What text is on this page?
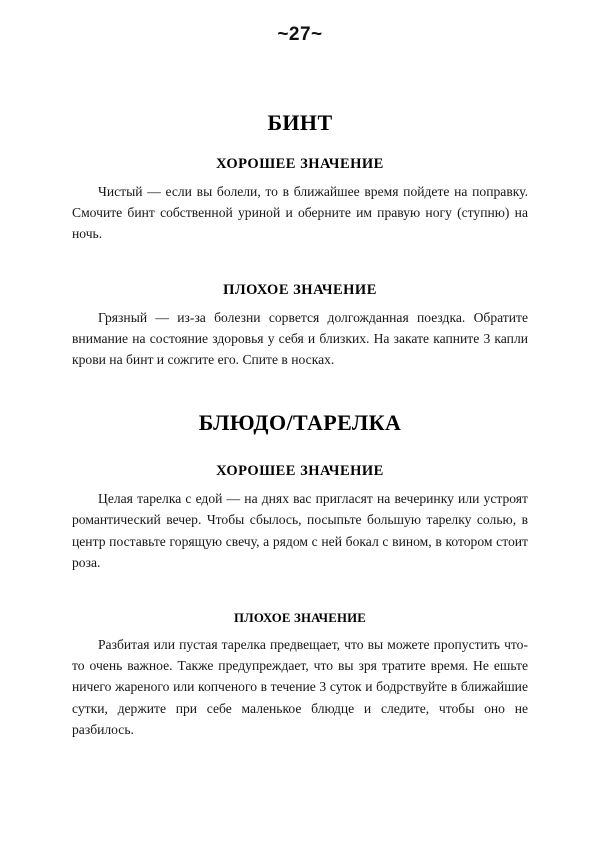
~27~
БИНТ
ХОРОШЕЕ ЗНАЧЕНИЕ

Чистый — если вы болели, то в ближайшее время пойдете на поправку. Смочите бинт собственной уриной и оберните им правую ногу (ступню) на ночь.

ПЛОХОЕ ЗНАЧЕНИЕ

Грязный — из-за болезни сорвется долгожданная поездка. Обратите внимание на состояние здоровья у себя и близких. На закате капните 3 капли крови на бинт и сожгите его. Спите в носках.

БЛЮДО/ТАРЕЛКА
ХОРОШЕЕ ЗНАЧЕНИЕ

Целая тарелка с едой — на днях вас пригласят на вечеринку или устроят романтический вечер. Чтобы сбылось, посыпьте большую тарелку солью, в центр поставьте горящую свечу, а рядом с ней бокал с вином, в котором стоит роза.

ПЛОХОЕ ЗНАЧЕНИЕ

Разбитая или пустая тарелка предвещает, что вы можете пропустить что-то очень важное. Также предупреждает, что вы зря тратите время. Не ешьте ничего жареного или копченого в течение 3 суток и бодрствуйте в ближайшие сутки, держите при себе маленькое блюдце и следите, чтобы оно не разбилось.
